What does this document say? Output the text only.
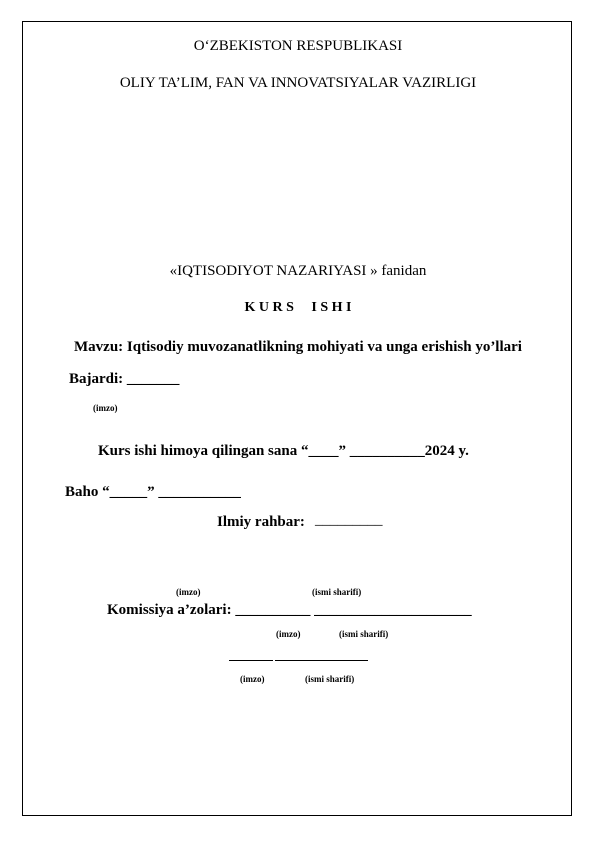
O‘ZBEKISTON RESPUBLIKASI
OLIY TA’LIM, FAN VA INNOVATSIYALAR VAZIRLIGI
«IQTISODIYOT NAZARIYASI » fanidan
K U R S     I S H I
Mavzu: Iqtisodiy muvozanatlikning mohiyati va unga erishish yo’llari
Bajardi: _______
(imzo)
Kurs ishi himoya qilingan sana “____” __________2024 y.
Baho “_____” ___________
Ilmiy rahbar: _________
(imzo)	(ismi sharifi)
Komissiya a’zolari: __________ _____________________
(imzo)	(ismi sharifi)
(imzo)	(ismi sharifi)
